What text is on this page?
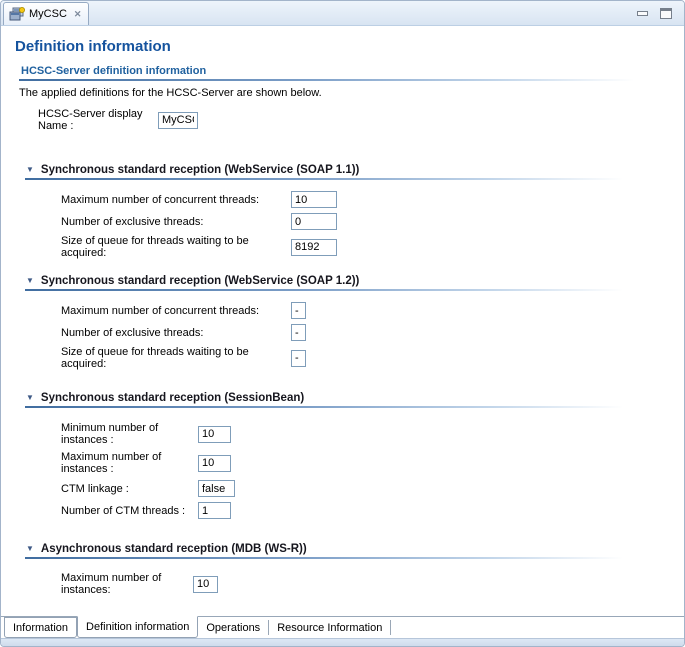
MyCSC ✕
Definition information
HCSC-Server definition information

The applied definitions for the HCSC-Server are shown below.

HCSC-Server display Name :
MyCSC
▼ Synchronous standard reception (WebService (SOAP 1.1))
Maximum number of concurrent threads:
10
Number of exclusive threads:
0
Size of queue for threads waiting to be acquired:
8192
▼ Synchronous standard reception (WebService (SOAP 1.2))
Maximum number of concurrent threads:
-
Number of exclusive threads:
-
Size of queue for threads waiting to be acquired:
-
▼ Synchronous standard reception (SessionBean)
Minimum number of instances :
10
Maximum number of instances :
10
CTM linkage :
false
Number of CTM threads :
1
▼ Asynchronous standard reception (MDB (WS-R))
Maximum number of instances:
10
Information	Definition information	Operations	Resource Information
